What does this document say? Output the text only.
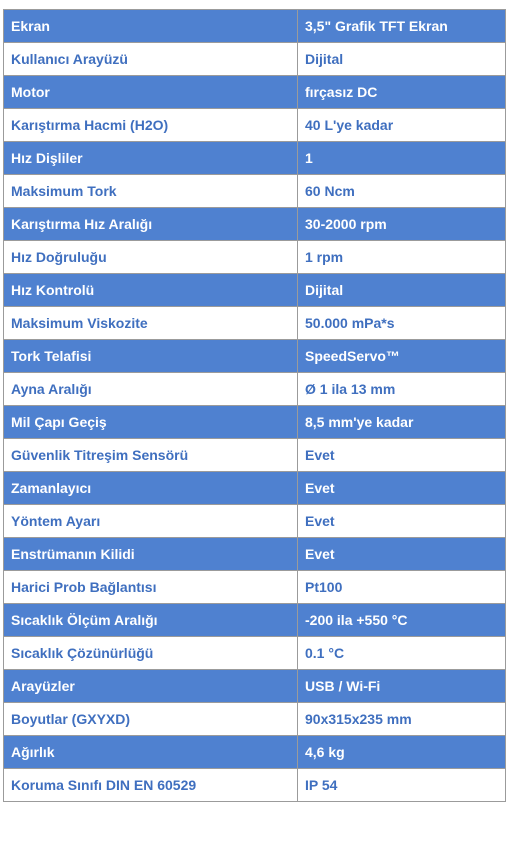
Ekran	3,5" Grafik TFT Ekran
Kullanıcı Arayüzü	Dijital
Motor	fırçasız DC
Karıştırma Hacmi (H2O)	40 L'ye kadar
Hız Dişliler	1
Maksimum Tork	60 Ncm
Karıştırma Hız Aralığı	30-2000 rpm
Hız Doğruluğu	1 rpm
Hız Kontrolü	Dijital
Maksimum Viskozite	50.000 mPa*s
Tork Telafisi	SpeedServo™
Ayna Aralığı	Ø 1 ila 13 mm
Mil Çapı Geçiş	8,5 mm'ye kadar
Güvenlik Titreşim Sensörü	Evet
Zamanlayıcı	Evet
Yöntem Ayarı	Evet
Enstrümanın Kilidi	Evet
Harici Prob Bağlantısı	Pt100
Sıcaklık Ölçüm Aralığı	-200 ila +550 °C
Sıcaklık Çözünürlüğü	0.1 °C
Arayüzler	USB / Wi-Fi
Boyutlar (GXYXD)	90x315x235 mm
Ağırlık	4,6 kg
Koruma Sınıfı DIN EN 60529	IP 54
